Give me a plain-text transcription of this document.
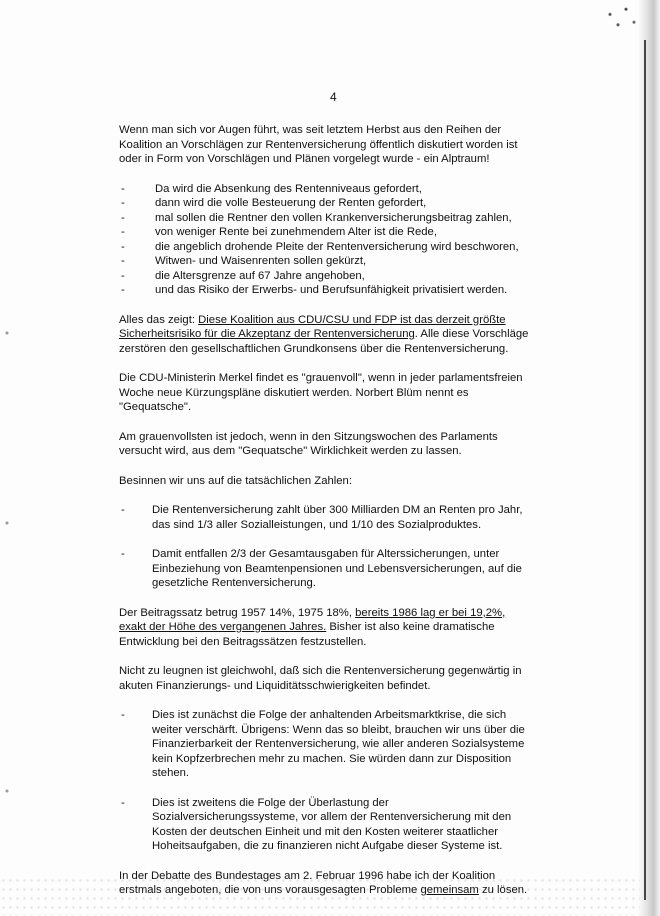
4

Wenn man sich vor Augen führt, was seit letztem Herbst aus den Reihen der Koalition an Vorschlägen zur Rentenversicherung öffentlich diskutiert worden ist oder in Form von Vorschlägen und Plänen vorgelegt wurde - ein Alptraum!

-	Da wird die Absenkung des Rentenniveaus gefordert,
-	dann wird die volle Besteuerung der Renten gefordert,
-	mal sollen die Rentner den vollen Krankenversicherungsbeitrag zahlen,
-	von weniger Rente bei zunehmendem Alter ist die Rede,
-	die angeblich drohende Pleite der Rentenversicherung wird beschworen,
-	Witwen- und Waisenrenten sollen gekürzt,
-	die Altersgrenze auf 67 Jahre angehoben,
-	und das Risiko der Erwerbs- und Berufsunfähigkeit privatisiert werden.

Alles das zeigt: Diese Koalition aus CDU/CSU und FDP ist das derzeit größte Sicherheitsrisiko für die Akzeptanz der Rentenversicherung. Alle diese Vorschläge zerstören den gesellschaftlichen Grundkonsens über die Rentenversicherung.

Die CDU-Ministerin Merkel findet es "grauenvoll", wenn in jeder parlamentsfreien Woche neue Kürzungspläne diskutiert werden. Norbert Blüm nennt es "Gequatsche".

Am grauenvollsten ist jedoch, wenn in den Sitzungswochen des Parlaments versucht wird, aus dem "Gequatsche" Wirklichkeit werden zu lassen.

Besinnen wir uns auf die tatsächlichen Zahlen:

- Die Rentenversicherung zahlt über 300 Milliarden DM an Renten pro Jahr, das sind 1/3 aller Sozialleistungen, und 1/10 des Sozialproduktes.
- Damit entfallen 2/3 der Gesamtausgaben für Alterssicherungen, unter Einbeziehung von Beamtenpensionen und Lebensversicherungen, auf die gesetzliche Rentenversicherung.

Der Beitragssatz betrug 1957 14%, 1975 18%, bereits 1986 lag er bei 19,2%, exakt der Höhe des vergangenen Jahres. Bisher ist also keine dramatische Entwicklung bei den Beitragssätzen festzustellen.

Nicht zu leugnen ist gleichwohl, daß sich die Rentenversicherung gegenwärtig in akuten Finanzierungs- und Liquiditätsschwierigkeiten befindet.

- Dies ist zunächst die Folge der anhaltenden Arbeitsmarktkrise, die sich weiter verschärft. Übrigens: Wenn das so bleibt, brauchen wir uns über die Finanzierbarkeit der Rentenversicherung, wie aller anderen Sozialsysteme kein Kopfzerbrechen mehr zu machen. Sie würden dann zur Disposition stehen.
- Dies ist zweitens die Folge der Überlastung der Sozialversicherungssysteme, vor allem der Rentenversicherung mit den Kosten der deutschen Einheit und mit den Kosten weiterer staatlicher Hoheitsaufgaben, die zu finanzieren nicht Aufgabe dieser Systeme ist.

In der Debatte des Bundestages am 2. Februar 1996 habe ich der Koalition erstmals angeboten, die von uns vorausgesagten Probleme gemeinsam zu lösen.
